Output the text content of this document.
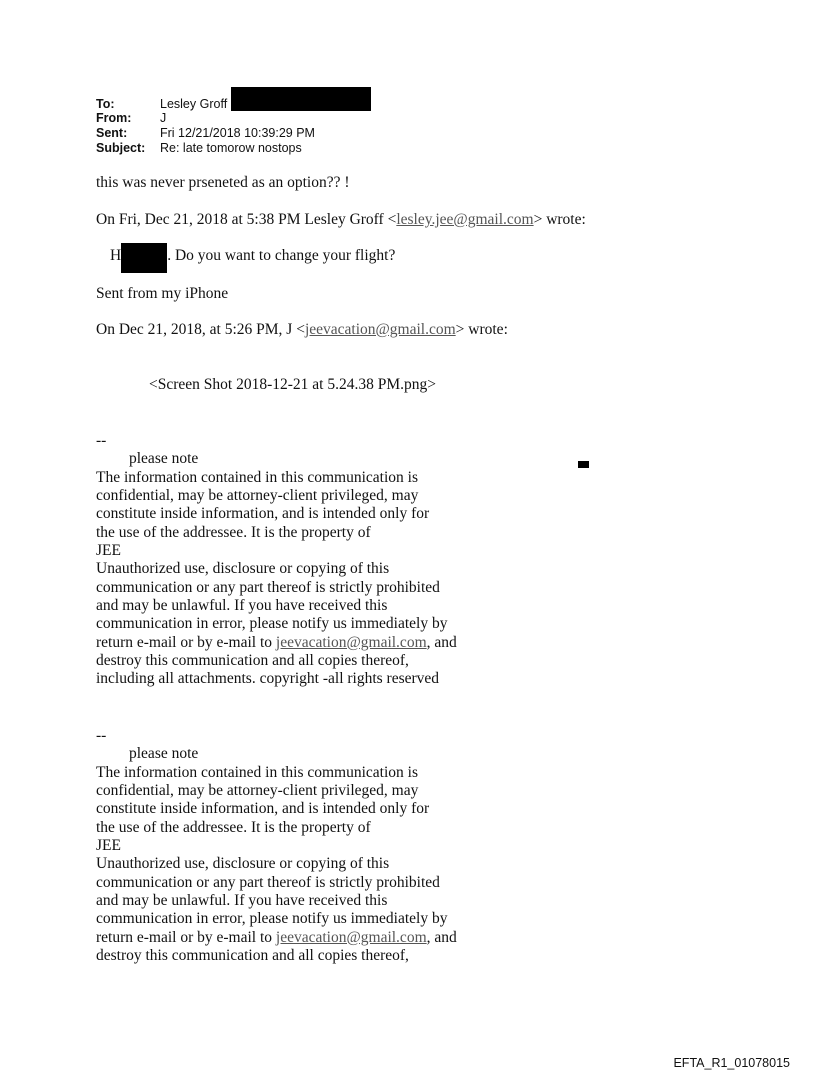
To:	Lesley Groff
From: J
Sent:	Fri 12/21/2018 10:39:29 PM
Subject: Re: late tomorow nostops
this was never prseneted as an option?? !
On Fri, Dec 21, 2018 at 5:38 PM Lesley Groff <lesley.jee@gmail.com> wrote:
H	. Do you want to change your flight?
Sent from my iPhone
On Dec 21, 2018, at 5:26 PM, J <jeevacation@gmail.com> wrote:
<Screen Shot 2018-12-21 at 5.24.38 PM.png>
--
please note
The information contained in this communication is
confidential, may be attorney-client privileged, may
constitute inside information, and is intended only for
the use of the addressee. It is the property of
JEE
Unauthorized use, disclosure or copying of this
communication or any part thereof is strictly prohibited
and may be unlawful. If you have received this
communication in error, please notify us immediately by
return e-mail or by e-mail to jeevacation@gmail.com, and
destroy this communication and all copies thereof,
including all attachments. copyright -all rights reserved
--
please note
The information contained in this communication is
confidential, may be attorney-client privileged, may
constitute inside information, and is intended only for
the use of the addressee. It is the property of
JEE
Unauthorized use, disclosure or copying of this
communication or any part thereof is strictly prohibited
and may be unlawful. If you have received this
communication in error, please notify us immediately by
return e-mail or by e-mail to jeevacation@gmail.com, and
destroy this communication and all copies thereof,
EFTA_R1_01078015
